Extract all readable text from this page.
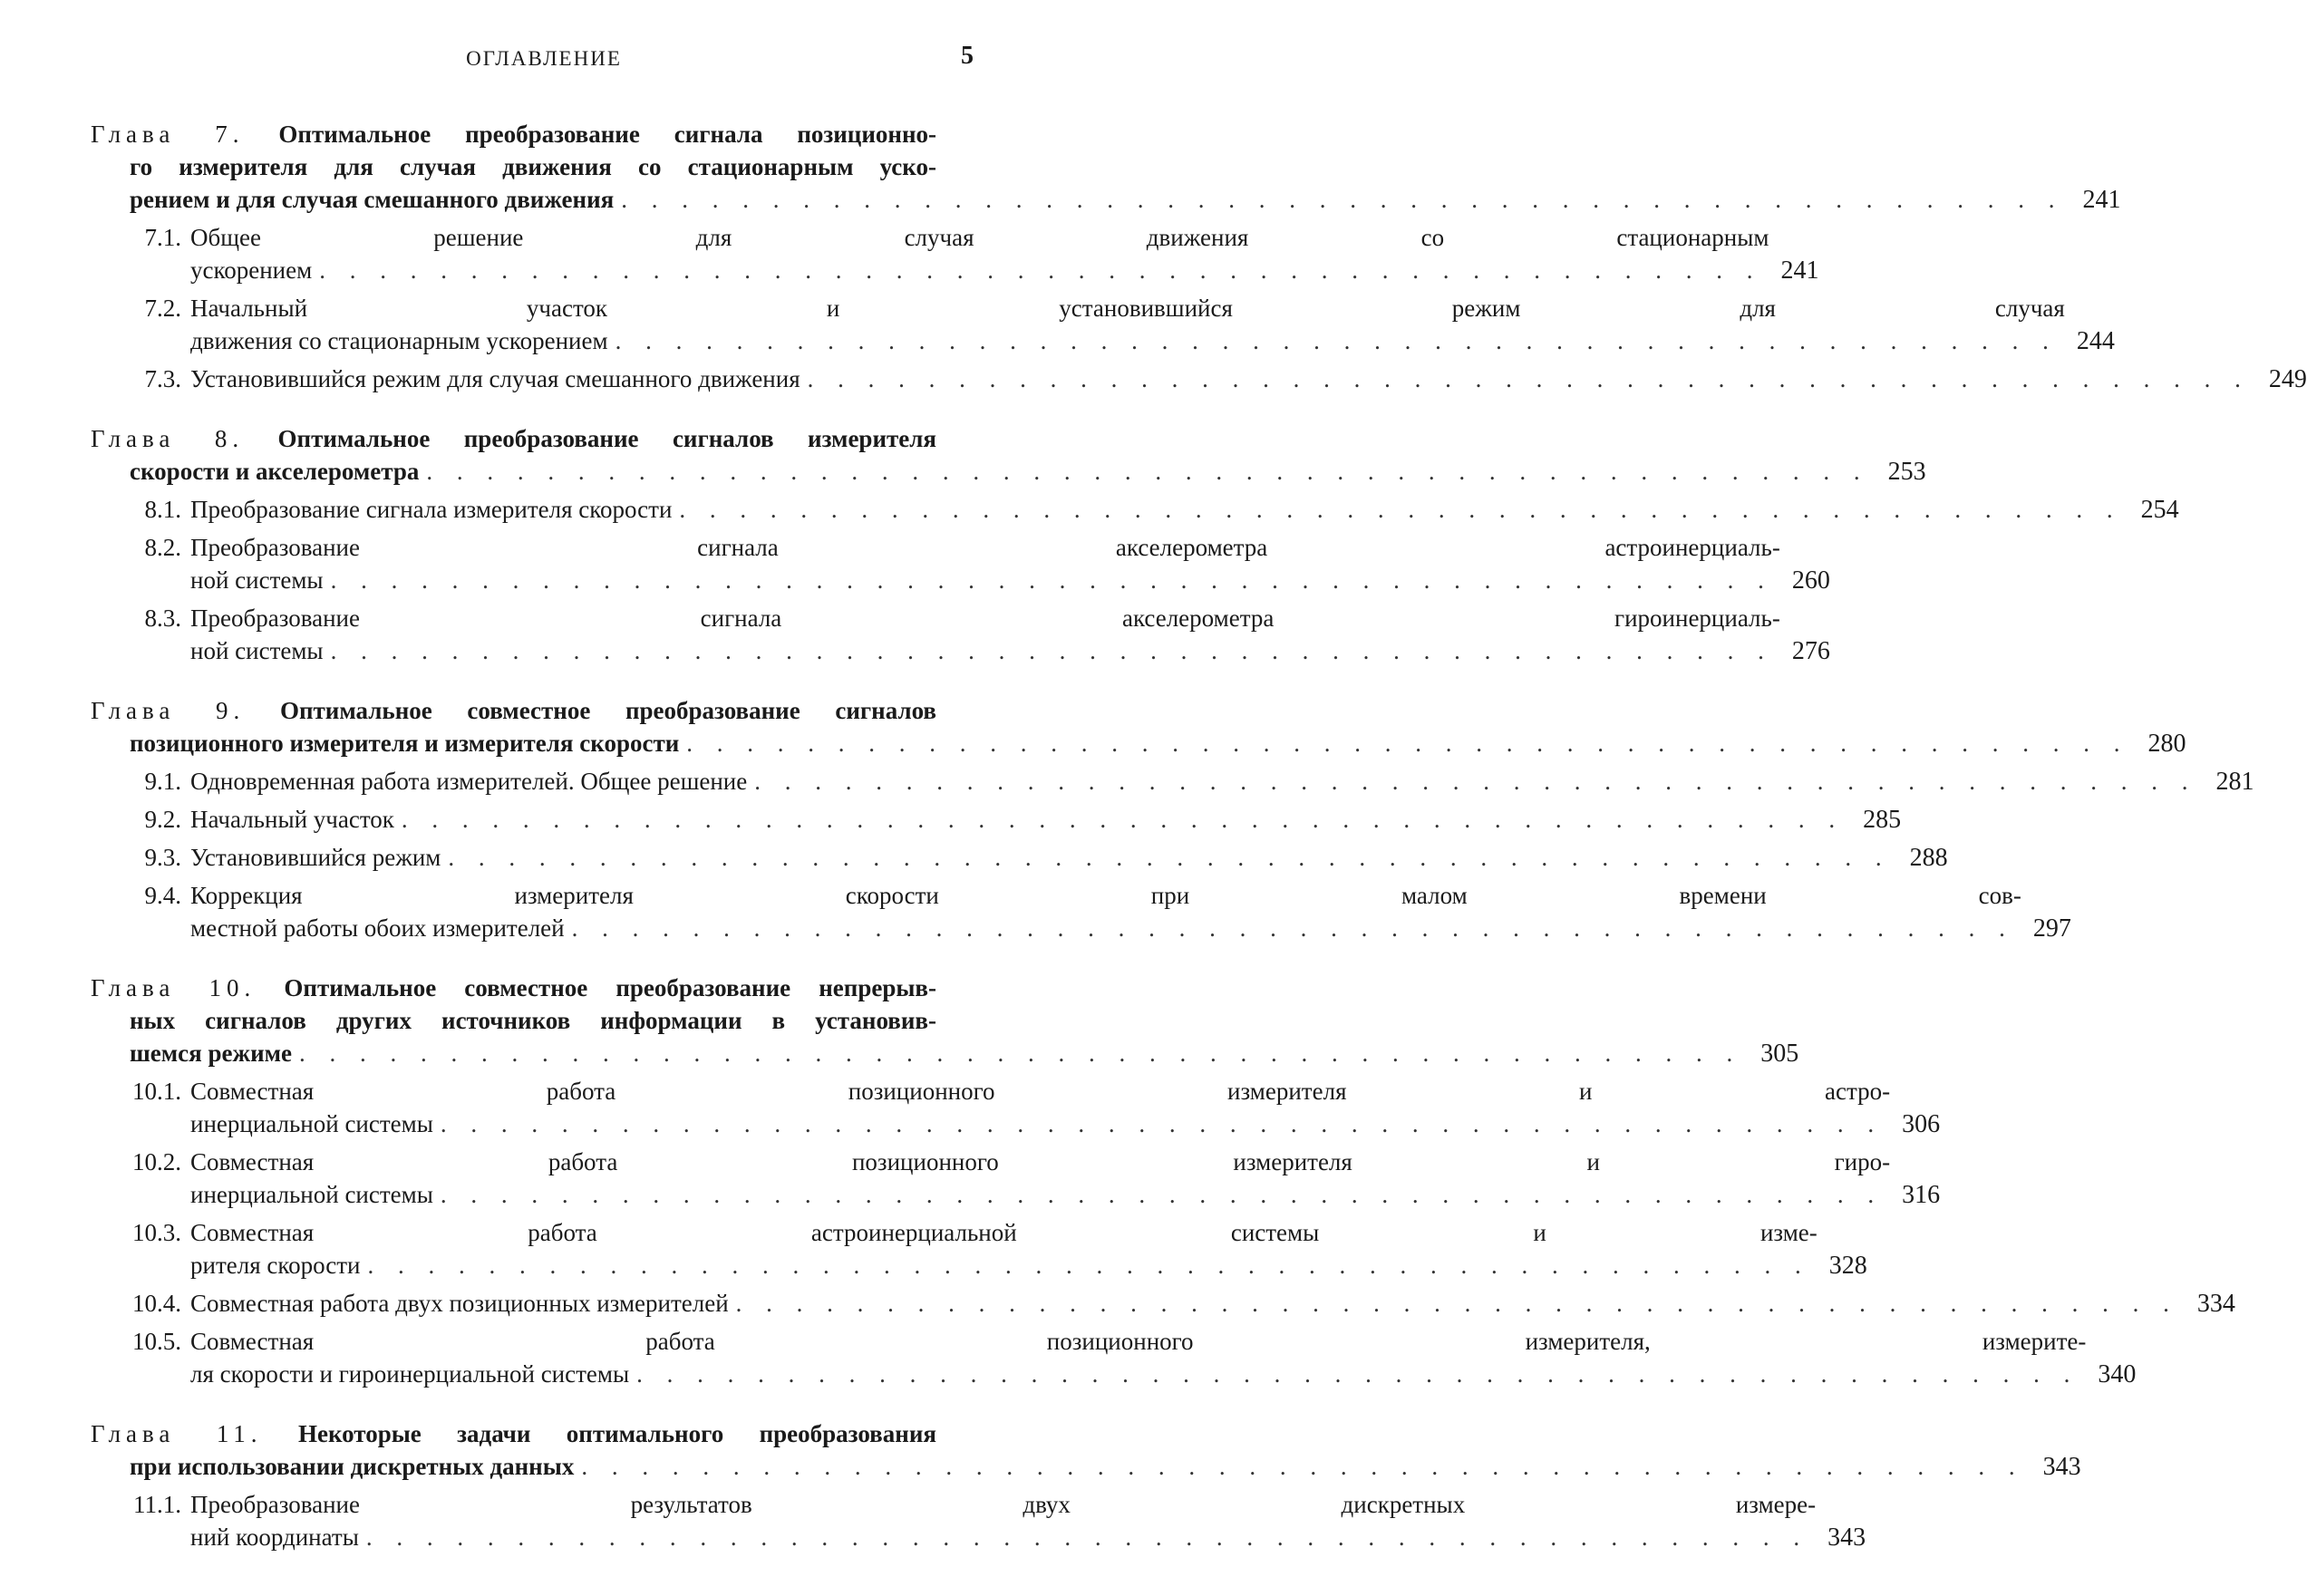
ОГЛАВЛЕНИЕ	5
Глава 7. Оптимальное преобразование сигнала позиционно-
го измерителя для случая движения со стационарным уско-
рением и для случая смешанного движения . . . . . . . . . . . . . . . . . . . . . . . . . . . . . . . . . . . . . . . . . . . . . . . . 241
7.1. Общее решение для случая движения со стационарным
ускорением . . . . . . . . . . . . . . . . . . . . . . . . . . . . . . . . . . . . . . . . . . . . . . . . 241
7.2. Начальный участок и установившийся режим для случая
движения со стационарным ускорением . . . . . . . . . . . . . . . . . . . . . . . . . . . . . . . . . . . . . . . . . . . . . . . . 244
7.3. Установившийся режим для случая смешанного движения . . . . . . . . . . . . . . . . . . . . . . . . . . . . . . . . . . . . . . . . . . . . . . . . 249
Глава 8. Оптимальное преобразование сигналов измерителя
скорости и акселерометра . . . . . . . . . . . . . . . . . . . . . . . . . . . . . . . . . . . . . . . . . . . . . . . . 253
8.1. Преобразование сигнала измерителя скорости . . . . . . . . . . . . . . . . . . . . . . . . . . . . . . . . . . . . . . . . . . . . . . . . 254
8.2. Преобразование сигнала акселерометра астроинерциаль-
ной системы . . . . . . . . . . . . . . . . . . . . . . . . . . . . . . . . . . . . . . . . . . . . . . . . 260
8.3. Преобразование сигнала акселерометра гироинерциаль-
ной системы . . . . . . . . . . . . . . . . . . . . . . . . . . . . . . . . . . . . . . . . . . . . . . . . 276
Глава 9. Оптимальное совместное преобразование сигналов
позиционного измерителя и измерителя скорости . . . . . . . . . . . . . . . . . . . . . . . . . . . . . . . . . . . . . . . . . . . . . . . . 280
9.1. Одновременная работа измерителей. Общее решение . . . . . . . . . . . . . . . . . . . . . . . . . . . . . . . . . . . . . . . . . . . . . . . . 281
9.2. Начальный участок . . . . . . . . . . . . . . . . . . . . . . . . . . . . . . . . . . . . . . . . . . . . . . . . 285
9.3. Установившийся режим . . . . . . . . . . . . . . . . . . . . . . . . . . . . . . . . . . . . . . . . . . . . . . . . 288
9.4. Коррекция измерителя скорости при малом времени сов-
местной работы обоих измерителей . . . . . . . . . . . . . . . . . . . . . . . . . . . . . . . . . . . . . . . . . . . . . . . . 297
Глава 10. Оптимальное совместное преобразование непрерыв-
ных сигналов других источников информации в установив-
шемся режиме . . . . . . . . . . . . . . . . . . . . . . . . . . . . . . . . . . . . . . . . . . . . . . . . 305
10.1. Совместная работа позиционного измерителя и астро-
инерциальной системы . . . . . . . . . . . . . . . . . . . . . . . . . . . . . . . . . . . . . . . . . . . . . . . . 306
10.2. Совместная работа позиционного измерителя и гиро-
инерциальной системы . . . . . . . . . . . . . . . . . . . . . . . . . . . . . . . . . . . . . . . . . . . . . . . . 316
10.3. Совместная работа астроинерциальной системы и изме-
рителя скорости . . . . . . . . . . . . . . . . . . . . . . . . . . . . . . . . . . . . . . . . . . . . . . . . 328
10.4. Совместная работа двух позиционных измерителей . . . . . . . . . . . . . . . . . . . . . . . . . . . . . . . . . . . . . . . . . . . . . . . . 334
10.5. Совместная работа позиционного измерителя, измерите-
ля скорости и гироинерциальной системы . . . . . . . . . . . . . . . . . . . . . . . . . . . . . . . . . . . . . . . . . . . . . . . . 340
Глава 11. Некоторые задачи оптимального преобразования
при использовании дискретных данных . . . . . . . . . . . . . . . . . . . . . . . . . . . . . . . . . . . . . . . . . . . . . . . . 343
11.1. Преобразование результатов двух дискретных измере-
ний координаты . . . . . . . . . . . . . . . . . . . . . . . . . . . . . . . . . . . . . . . . . . . . . . . . 343
